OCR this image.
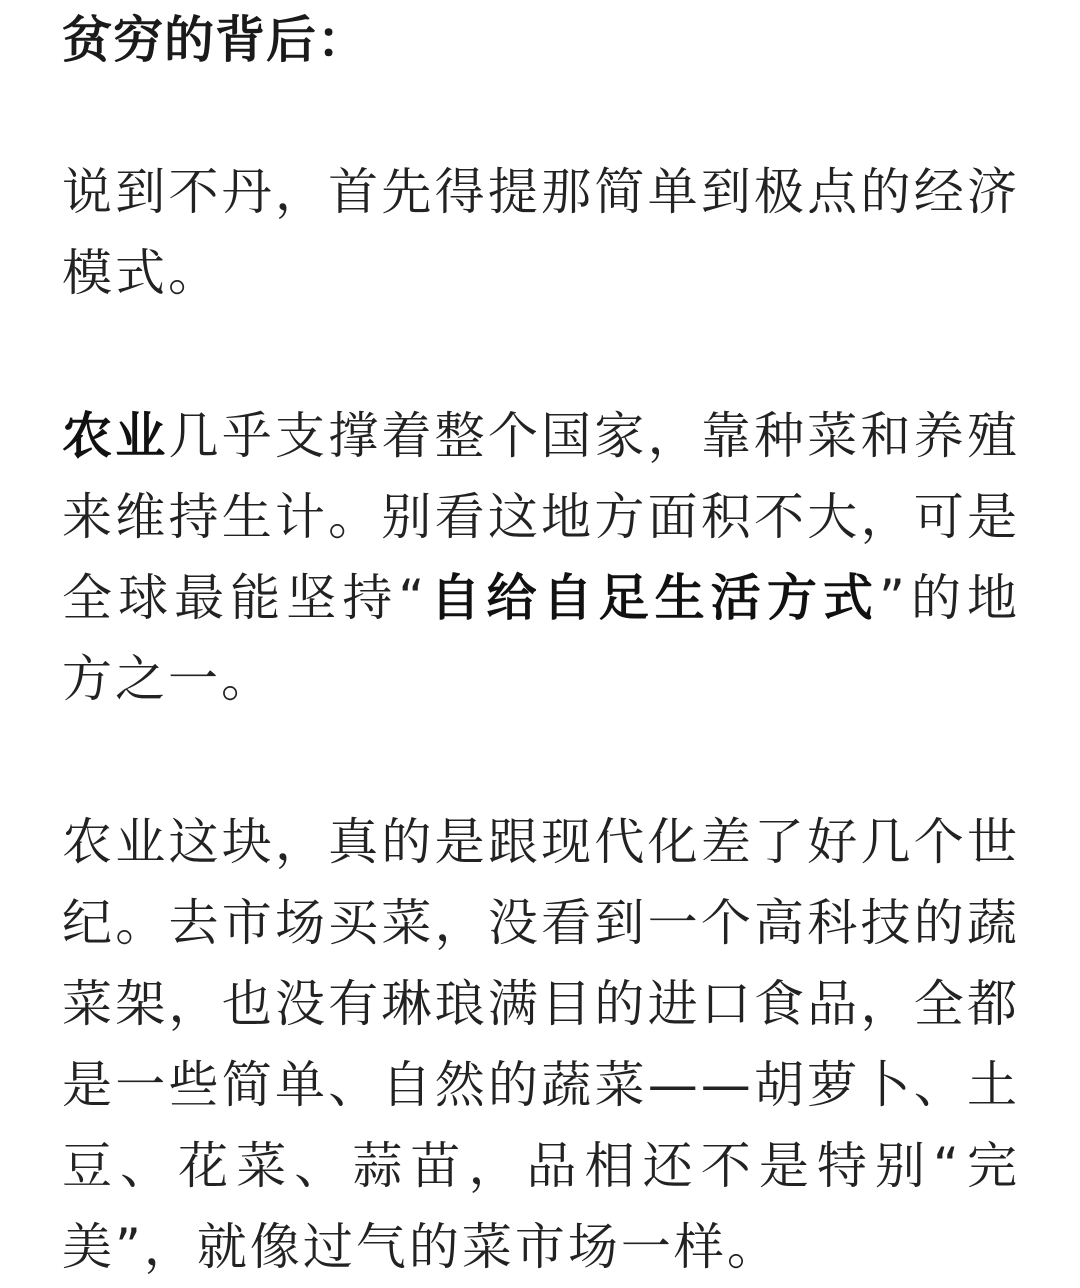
贫穷的背后：

说到不丹，首先得提那简单到极点的经济模式。

农业几乎支撑着整个国家，靠种菜和养殖来维持生计。别看这地方面积不大，可是全球最能坚持“自给自足生活方式”的地方之一。

农业这块，真的是跟现代化差了好几个世纪。去市场买菜，没看到一个高科技的蔬菜架，也没有琳琅满目的进口食品，全都是一些简单、自然的蔬菜——胡萝卜、土豆、花菜、蒜苗，品相还不是特别“完美”，就像过气的菜市场一样。
